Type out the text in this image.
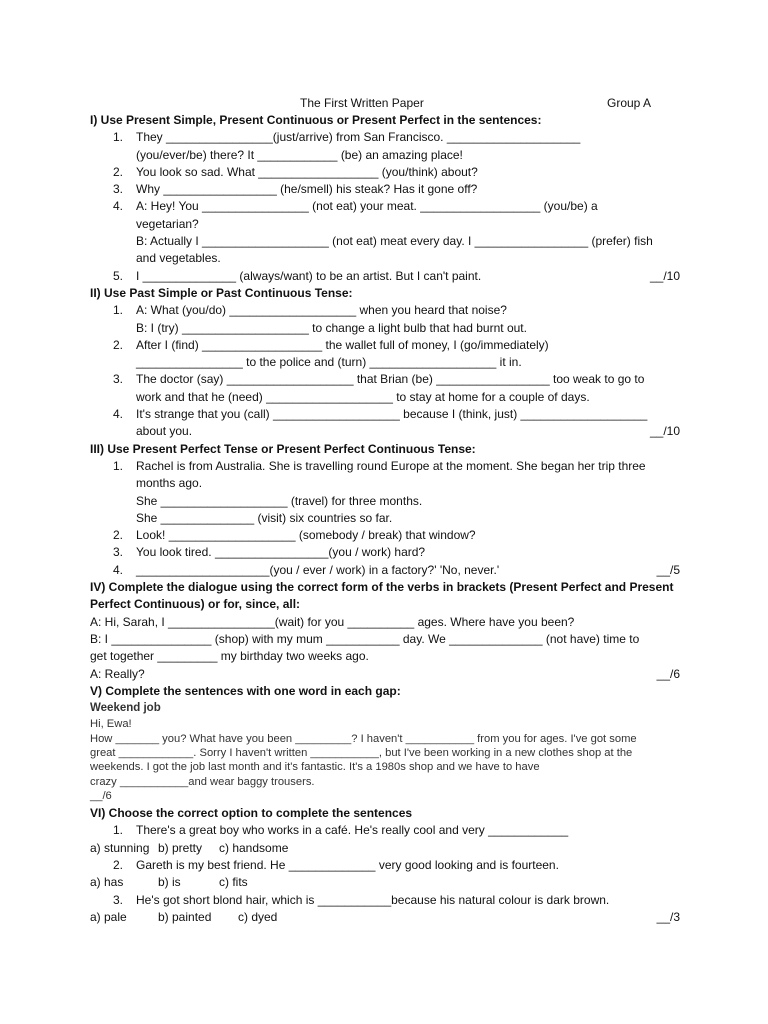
The First Written Paper	Group A
I) Use Present Simple, Present Continuous or Present Perfect in the sentences:
1. They ________________(just/arrive) from San Francisco. ____________________
(you/ever/be) there? It ____________ (be) an amazing place!
2. You look so sad. What __________________ (you/think) about?
3. Why _________________ (he/smell) his steak? Has it gone off?
4. A: Hey! You ________________ (not eat) your meat. __________________ (you/be) a
vegetarian?
B: Actually I ___________________ (not eat) meat every day. I _________________ (prefer) fish
and vegetables.
5. I ______________ (always/want) to be an artist. But I can't paint.	__/10
II) Use Past Simple or Past Continuous Tense:
1. A: What (you/do) ___________________ when you heard that noise?
B: I (try) ___________________ to change a light bulb that had burnt out.
2. After I (find) __________________ the wallet full of money, I (go/immediately)
________________ to the police and (turn) ___________________ it in.
3. The doctor (say) ___________________ that Brian (be) _________________ too weak to go to
work and that he (need) ___________________ to stay at home for a couple of days.
4. It's strange that you (call) ___________________ because I (think, just) ___________________
about you.	__/10
III) Use Present Perfect Tense or Present Perfect Continuous Tense:
1. Rachel is from Australia. She is travelling round Europe at the moment. She began her trip three
months ago.
She ___________________ (travel) for three months.
She ______________ (visit) six countries so far.
2. Look! ___________________ (somebody / break) that window?
3. You look tired. _________________(you / work) hard?
4. ____________________(you / ever / work) in a factory?' 'No, never.'	__/5
IV) Complete the dialogue using the correct form of the verbs in brackets (Present Perfect and Present
Perfect Continuous) or for, since, all:
A: Hi, Sarah, I ________________(wait) for you __________ ages. Where have you been?
B: I _______________ (shop) with my mum ___________ day. We ______________ (not have) time to
get together _________ my birthday two weeks ago.
A: Really?	__/6
V) Complete the sentences with one word in each gap:
Weekend job
Hi, Ewa!
How _______ you? What have you been _________? I haven't ___________ from you for ages. I've got some
great ____________. Sorry I haven't written ___________, but I've been working in a new clothes shop at the
weekends. I got the job last month and it's fantastic. It's a 1980s shop and we have to have
crazy ___________and wear baggy trousers.
__/6
VI) Choose the correct option to complete the sentences
1. There's a great boy who works in a café. He's really cool and very ____________
a) stunning b) pretty c) handsome
2. Gareth is my best friend. He _____________ very good looking and is fourteen.
a) has	b) is	c) fits
3. He's got short blond hair, which is ___________because his natural colour is dark brown.
a) pale	b) painted c) dyed	__/3
